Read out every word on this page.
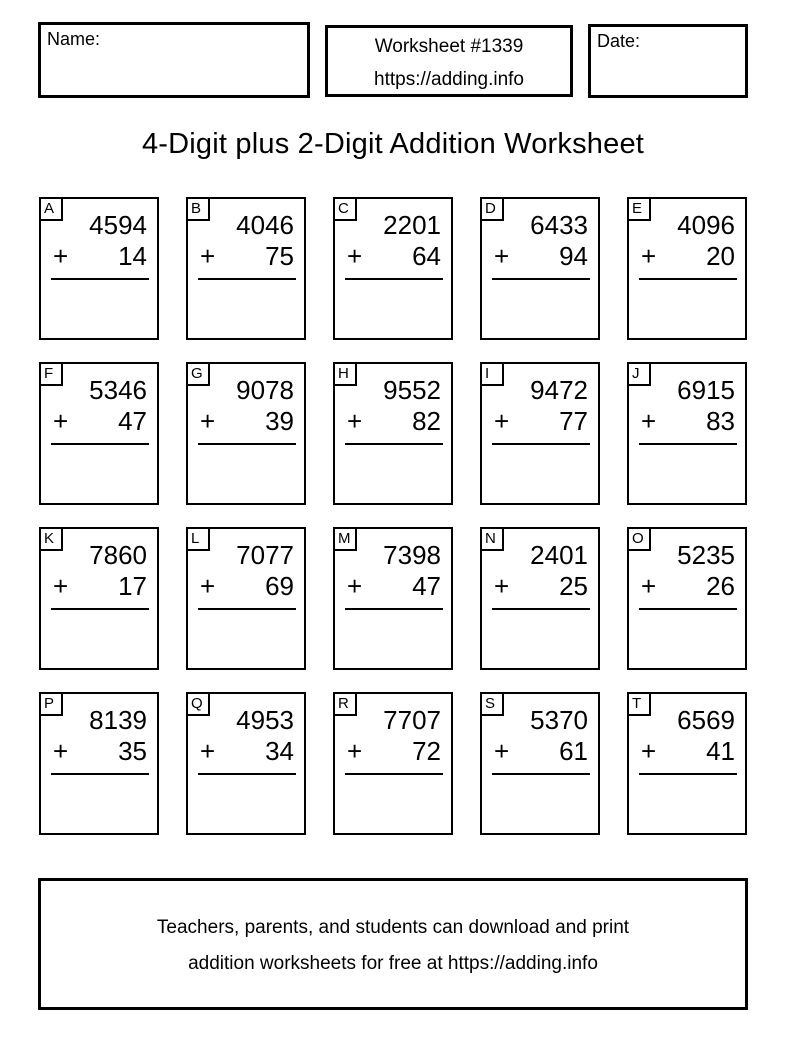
Name:	Worksheet #1339
https://adding.info
Date:
4-Digit plus 2-Digit Addition Worksheet
A
4594
+ 14
B
4046
+ 75
C
2201
+ 64
D
6433
+ 94
E
4096
+ 20
F
5346
+ 47
G
9078
+ 39
H
9552
+ 82
I
9472
+ 77
J
6915
+ 83
K
7860
+ 17
L
7077
+ 69
M
7398
+ 47
N
2401
+ 25
O
5235
+ 26
P
8139
+ 35
Q
4953
+ 34
R
7707
+ 72
S
5370
+ 61
T
6569
+ 41
Teachers, parents, and students can download and print
addition worksheets for free at https://adding.info
